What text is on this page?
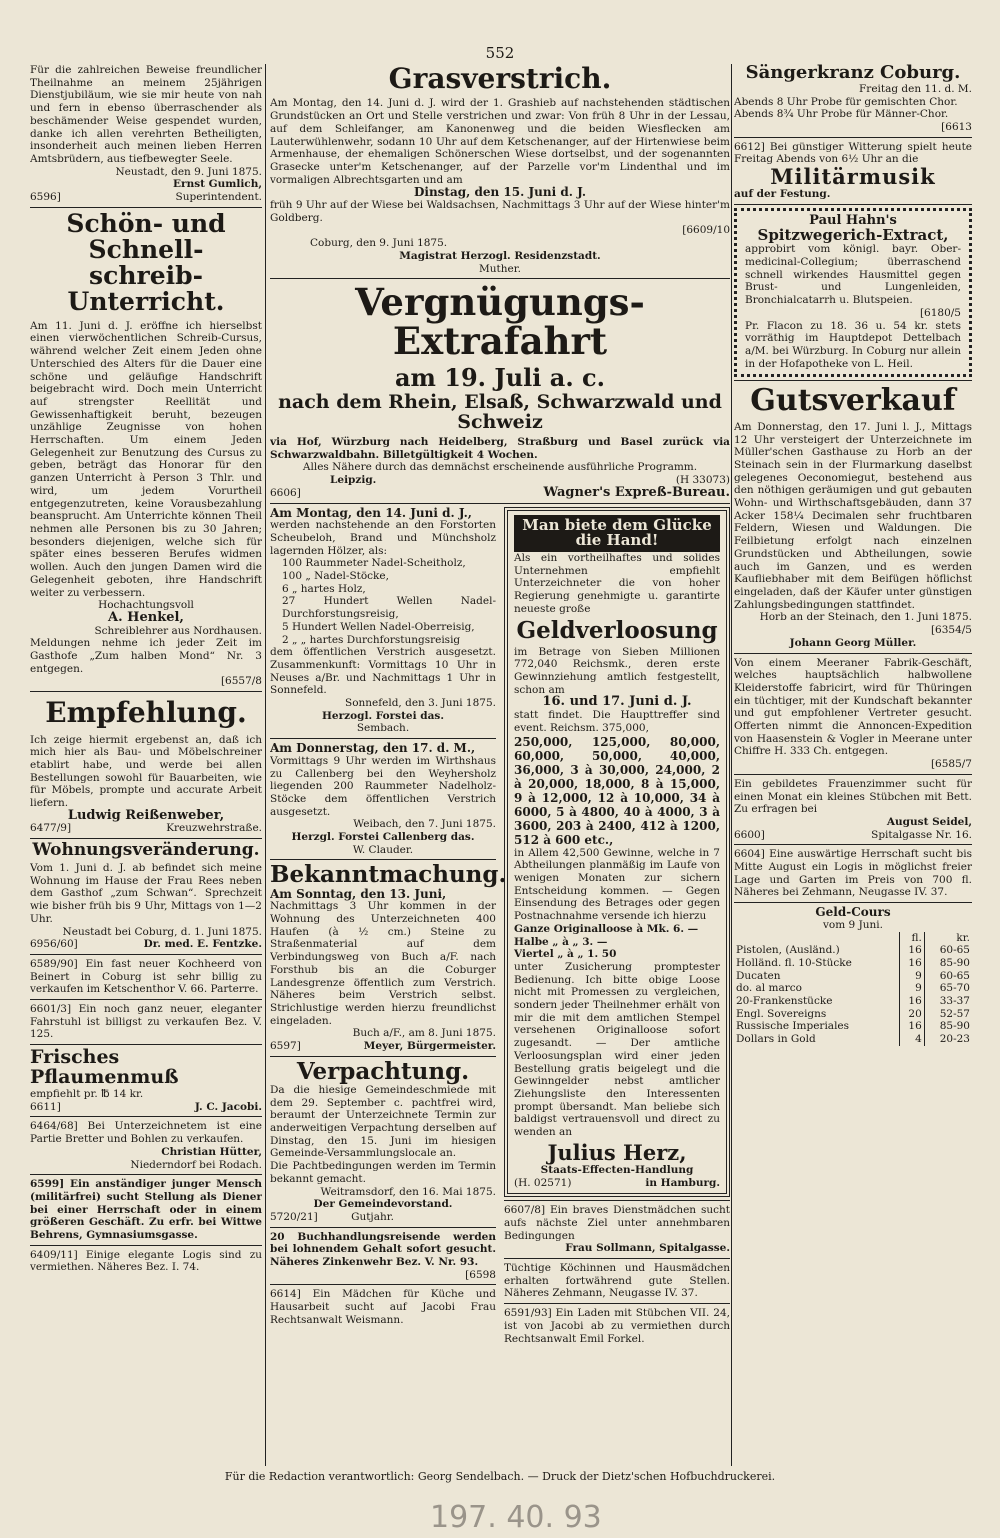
552

Für die zahlreichen Beweise freundlicher Theilnahme an meinem 25jährigen Dienstjubiläum, wie sie mir heute von nah und fern in ebenso überraschender als beschämender Weise gespendet wurden, danke ich allen verehrten Betheiligten, insonderheit auch meinen lieben Herren Amtsbrüdern, aus tiefbewegter Seele.

Neustadt, den 9. Juni 1875.

Ernst Gumlich,

6596]	Superintendent.

Schön- und Schnell-

schreib-Unterricht.

Am 11. Juni d. J. eröffne ich hierselbst einen vierwöchentlichen Schreib-Cursus, während welcher Zeit einem Jeden ohne Unterschied des Alters für die Dauer eine schöne und geläufige Handschrift beigebracht wird. Doch mein Unterricht auf strengster Reellität und Gewissenhaftigkeit beruht, bezeugen unzählige Zeugnisse von hohen Herrschaften. Um einem Jeden Gelegenheit zur Benutzung des Cursus zu geben, beträgt das Honorar für den ganzen Unterricht à Person 3 Thlr. und wird, um jedem Vorurtheil entgegenzutreten, keine Vorausbezahlung beansprucht. Am Unterrichte können Theil nehmen alle Personen bis zu 30 Jahren; besonders diejenigen, welche sich für später eines besseren Berufes widmen wollen. Auch den jungen Damen wird die Gelegenheit geboten, ihre Handschrift weiter zu verbessern.

Hochachtungsvoll

A. Henkel,

Schreiblehrer aus Nordhausen.

Meldungen nehme ich jeder Zeit im Gasthofe „Zum halben Mond“ Nr. 3 entgegen.

[6557/8

Empfehlung.

Ich zeige hiermit ergebenst an, daß ich mich hier als Bau- und Möbelschreiner etablirt habe, und werde bei allen Bestellungen sowohl für Bauarbeiten, wie für Möbels, prompte und accurate Arbeit liefern.

Ludwig Reißenweber,

6477/9]	Kreuzwehrstraße.

Wohnungsveränderung.

Vom 1. Juni d. J. ab befindet sich meine Wohnung im Hause der Frau Rees neben dem Gasthof „zum Schwan“. Sprechzeit wie bisher früh bis 9 Uhr, Mittags von 1—2 Uhr.

Neustadt bei Coburg, d. 1. Juni 1875.

6956/60]	Dr. med. E. Fentzke.

6589/90] Ein fast neuer Kochheerd von Beinert in Coburg ist sehr billig zu verkaufen im Ketschenthor V. 66. Parterre.

6601/3] Ein noch ganz neuer, eleganter Fahrstuhl ist billigst zu verkaufen Bez. V. 125.

Frisches Pflaumenmuß

empfiehlt pr. ℔ 14 kr.

6611]	J. C. Jacobi.

6464/68] Bei Unterzeichnetem ist eine Partie Bretter und Bohlen zu verkaufen.

Christian Hütter,

Niederndorf bei Rodach.

6599] Ein anständiger junger Mensch (militärfrei) sucht Stellung als Diener bei einer Herrschaft oder in einem größeren Geschäft. Zu erfr. bei Wittwe Behrens, Gymnasiumsgasse.

6409/11] Einige elegante Logis sind zu vermiethen. Näheres Bez. I. 74.

Grasverstrich.

Am Montag, den 14. Juni d. J. wird der 1. Grashieb auf nachstehenden städtischen Grundstücken an Ort und Stelle verstrichen und zwar: Von früh 8 Uhr in der Lessau, auf dem Schleifanger, am Kanonenweg und die beiden Wiesflecken am Lauterwühlenwehr, sodann 10 Uhr auf dem Ketschenanger, auf der Hirtenwiese beim Armenhause, der ehemaligen Schönerschen Wiese dortselbst, und der sogenannten Grasecke unter'm Ketschenanger, auf der Parzelle vor'm Lindenthal und im vormaligen Albrechtsgarten und am

Dinstag, den 15. Juni d. J.

früh 9 Uhr auf der Wiese bei Waldsachsen, Nachmittags 3 Uhr auf der Wiese hinter'm Goldberg.

[6609/10

Coburg, den 9. Juni 1875.

Magistrat Herzogl. Residenzstadt.

Muther.

Vergnügungs-Extrafahrt

am 19. Juli a. c.

nach dem Rhein, Elsaß, Schwarzwald und Schweiz

via Hof, Würzburg nach Heidelberg, Straßburg und Basel zurück via Schwarzwaldbahn. Billetgültigkeit 4 Wochen.

Alles Nähere durch das demnächst erscheinende ausführliche Programm.

Leipzig.	(H 33073)

6606]	Wagner's Expreß-Bureau.

Am Montag, den 14. Juni d. J.,

werden nachstehende an den Forstorten Scheubeloh, Brand und Münchsholz lagernden Hölzer, als:

100 Raummeter Nadel-Scheitholz,

100 „ Nadel-Stöcke,

6 „ hartes Holz,

27 Hundert Wellen Nadel-Durchforstungsreisig,

5 Hundert Wellen Nadel-Oberreisig,

2 „ „ hartes Durchforstungsreisig

dem öffentlichen Verstrich ausgesetzt. Zusammenkunft: Vormittags 10 Uhr in Neuses a/Br. und Nachmittags 1 Uhr in Sonnefeld.

Sonnefeld, den 3. Juni 1875.

Herzogl. Forstei das.

Sembach.

Am Donnerstag, den 17. d. M.,

Vormittags 9 Uhr werden im Wirthshaus zu Callenberg bei den Weyhersholz liegenden 200 Raummeter Nadelholz-Stöcke dem öffentlichen Verstrich ausgesetzt.

Weibach, den 7. Juni 1875.

Herzgl. Forstei Callenberg das.

W. Clauder.

Bekanntmachung.

Am Sonntag, den 13. Juni,

Nachmittags 3 Uhr kommen in der Wohnung des Unterzeichneten 400 Haufen (à ½ cm.) Steine zu Straßenmaterial auf dem Verbindungsweg von Buch a/F. nach Forsthub bis an die Coburger Landesgrenze öffentlich zum Verstrich. Näheres beim Verstrich selbst. Strichlustige werden hierzu freundlichst eingeladen.

Buch a/F., am 8. Juni 1875.

6597]	Meyer, Bürgermeister.

Verpachtung.

Da die hiesige Gemeindeschmiede mit dem 29. September c. pachtfrei wird, beraumt der Unterzeichnete Termin zur anderweitigen Verpachtung derselben auf Dinstag, den 15. Juni im hiesigen Gemeinde-Versammlungslocale an.

Die Pachtbedingungen werden im Termin bekannt gemacht.

Weitramsdorf, den 16. Mai 1875.

Der Gemeindevorstand.

5720/21]	Gutjahr.

20 Buchhandlungsreisende werden bei lohnendem Gehalt sofort gesucht. Näheres Zinkenwehr Bez. V. Nr. 93.

[6598

6614] Ein Mädchen für Küche und Hausarbeit sucht auf Jacobi Frau Rechtsanwalt Weismann.

Man biete dem Glücke die Hand!

Als ein vortheilhaftes und solides Unternehmen empfiehlt Unterzeichneter die von hoher Regierung genehmigte u. garantirte neueste große

Geldverloosung

im Betrage von Sieben Millionen 772,040 Reichsmk., deren erste Gewinnziehung amtlich festgestellt, schon am

16. und 17. Juni d. J.

statt findet. Die Haupttreffer sind event. Reichsm. 375,000,

250,000, 125,000, 80,000, 60,000, 50,000, 40,000, 36,000, 3 à 30,000, 24,000, 2 à 20,000, 18,000, 8 à 15,000, 9 à 12,000, 12 à 10,000, 34 à 6000, 5 à 4800, 40 à 4000, 3 à 3600, 203 à 2400, 412 à 1200, 512 à 600 etc.,

in Allem 42,500 Gewinne, welche in 7 Abtheilungen planmäßig im Laufe von wenigen Monaten zur sichern Entscheidung kommen. — Gegen Einsendung des Betrages oder gegen Postnachnahme versende ich hierzu

Ganze Originalloose à Mk. 6. —

Halbe „ à „ 3. —

Viertel „ à „ 1. 50

unter Zusicherung promptester Bedienung. Ich bitte obige Loose nicht mit Promessen zu vergleichen, sondern jeder Theilnehmer erhält von mir die mit dem amtlichen Stempel versehenen Originalloose sofort zugesandt. — Der amtliche Verloosungsplan wird einer jeden Bestellung gratis beigelegt und die Gewinngelder nebst amtlicher Ziehungsliste den Interessenten prompt übersandt. Man beliebe sich baldigst vertrauensvoll und direct zu wenden an

Julius Herz,

Staats-Effecten-Handlung

(H. 02571)	in Hamburg.

6607/8] Ein braves Dienstmädchen sucht aufs nächste Ziel unter annehmbaren Bedingungen

Frau Sollmann, Spitalgasse.

Tüchtige Köchinnen und Hausmädchen erhalten fortwährend gute Stellen. Näheres Zehmann, Neugasse IV. 37.

6591/93] Ein Laden mit Stübchen VII. 24, ist von Jacobi ab zu vermiethen durch Rechtsanwalt Emil Forkel.

Sängerkranz Coburg.

Freitag den 11. d. M.

Abends 8 Uhr Probe für gemischten Chor.

Abends 8¾ Uhr Probe für Männer-Chor.

[6613

6612] Bei günstiger Witterung spielt heute Freitag Abends von 6½ Uhr an die

Militärmusik

auf der Festung.

Paul Hahn's

Spitzwegerich-Extract,

approbirt vom königl. bayr. Ober-medicinal-Collegium; überraschend schnell wirkendes Hausmittel gegen Brust- und Lungenleiden, Bronchialcatarrh u. Blutspeien.

[6180/5

Pr. Flacon zu 18. 36 u. 54 kr. stets vorräthig im Hauptdepot Dettelbach a/M. bei Würzburg. In Coburg nur allein in der Hofapotheke von L. Heil.

Gutsverkauf

Am Donnerstag, den 17. Juni l. J., Mittags 12 Uhr versteigert der Unterzeichnete im Müller'schen Gasthause zu Horb an der Steinach sein in der Flurmarkung daselbst gelegenes Oeconomiegut, bestehend aus den nöthigen geräumigen und gut gebauten Wohn- und Wirthschaftsgebäuden, dann 37 Acker 158¼ Decimalen sehr fruchtbaren Feldern, Wiesen und Waldungen. Die Feilbietung erfolgt nach einzelnen Grundstücken und Abtheilungen, sowie auch im Ganzen, und es werden Kaufliebhaber mit dem Beifügen höflichst eingeladen, daß der Käufer unter günstigen Zahlungsbedingungen stattfindet.

Horb an der Steinach, den 1. Juni 1875.

[6354/5

Johann Georg Müller.

Von einem Meeraner Fabrik-Geschäft, welches hauptsächlich halbwollene Kleiderstoffe fabricirt, wird für Thüringen ein tüchtiger, mit der Kundschaft bekannter und gut empfohlener Vertreter gesucht. Offerten nimmt die Annoncen-Expedition von Haasenstein & Vogler in Meerane unter Chiffre H. 333 Ch. entgegen.

[6585/7

Ein gebildetes Frauenzimmer sucht für einen Monat ein kleines Stübchen mit Bett. Zu erfragen bei

August Seidel,

6600]	Spitalgasse Nr. 16.

6604] Eine auswärtige Herrschaft sucht bis Mitte August ein Logis in möglichst freier Lage und Garten im Preis von 700 fl. Näheres bei Zehmann, Neugasse IV. 37.

Geld-Cours

vom 9 Juni.

	fl.	kr.
Pistolen, (Ausländ.)	16	60-65
Holländ. fl. 10-Stücke	16	85-90
Ducaten	9	60-65
do. al marco	9	65-70
20-Frankenstücke	16	33-37
Engl. Sovereigns	20	52-57
Russische Imperiales	16	85-90
Dollars in Gold	4	20-23
Für die Redaction verantwortlich: Georg Sendelbach. — Druck der Dietz'schen Hofbuchdruckerei.
197. 40. 93
